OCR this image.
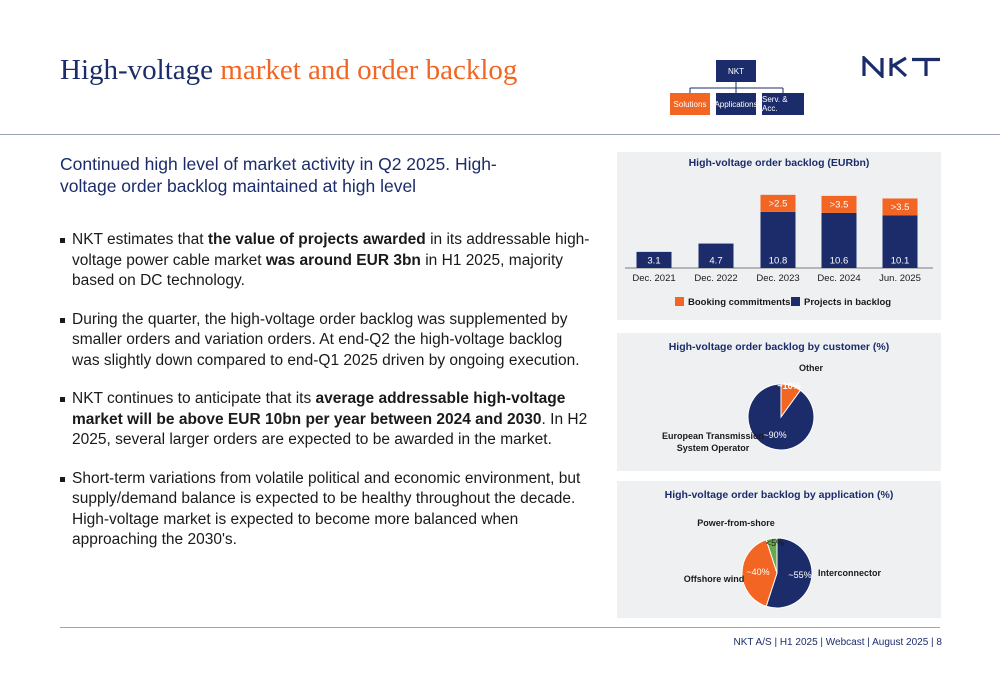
High-voltage market and order backlog	NKT
Solutions Applications Serv. & Acc.
Continued high level of market activity in Q2 2025. High-voltage order backlog maintained at high level
NKT estimates that the value of projects awarded in its addressable high-voltage power cable market was around EUR 3bn in H1 2025, majority based on DC technology.
During the quarter, the high-voltage order backlog was supplemented by smaller orders and variation orders. At end-Q2 the high-voltage backlog was slightly down compared to end-Q1 2025 driven by ongoing execution.
NKT continues to anticipate that its average addressable high-voltage market will be above EUR 10bn per year between 2024 and 2030. In H2 2025, several larger orders are expected to be awarded in the market.
Short-term variations from volatile political and economic environment, but supply/demand balance is expected to be healthy throughout the decade. High-voltage market is expected to become more balanced when approaching the 2030's.
High-voltage order backlog (EURbn)
3.1
Dec. 2021
4.7
Dec. 2022
10.8
>2.5
Dec. 2023
10.6
>3.5
Dec. 2024
10.1
>3.5
Jun. 2025
Booking commitments Projects in backlog
High-voltage order backlog by customer (%)
~10%
~90%
Other
European Transmission
System Operator
High-voltage order backlog by application (%)
~55%
~40%
<5%
Power-from-shore
Interconnector
Offshore wind
NKT A/S | H1 2025 | Webcast | August 2025 | 8
